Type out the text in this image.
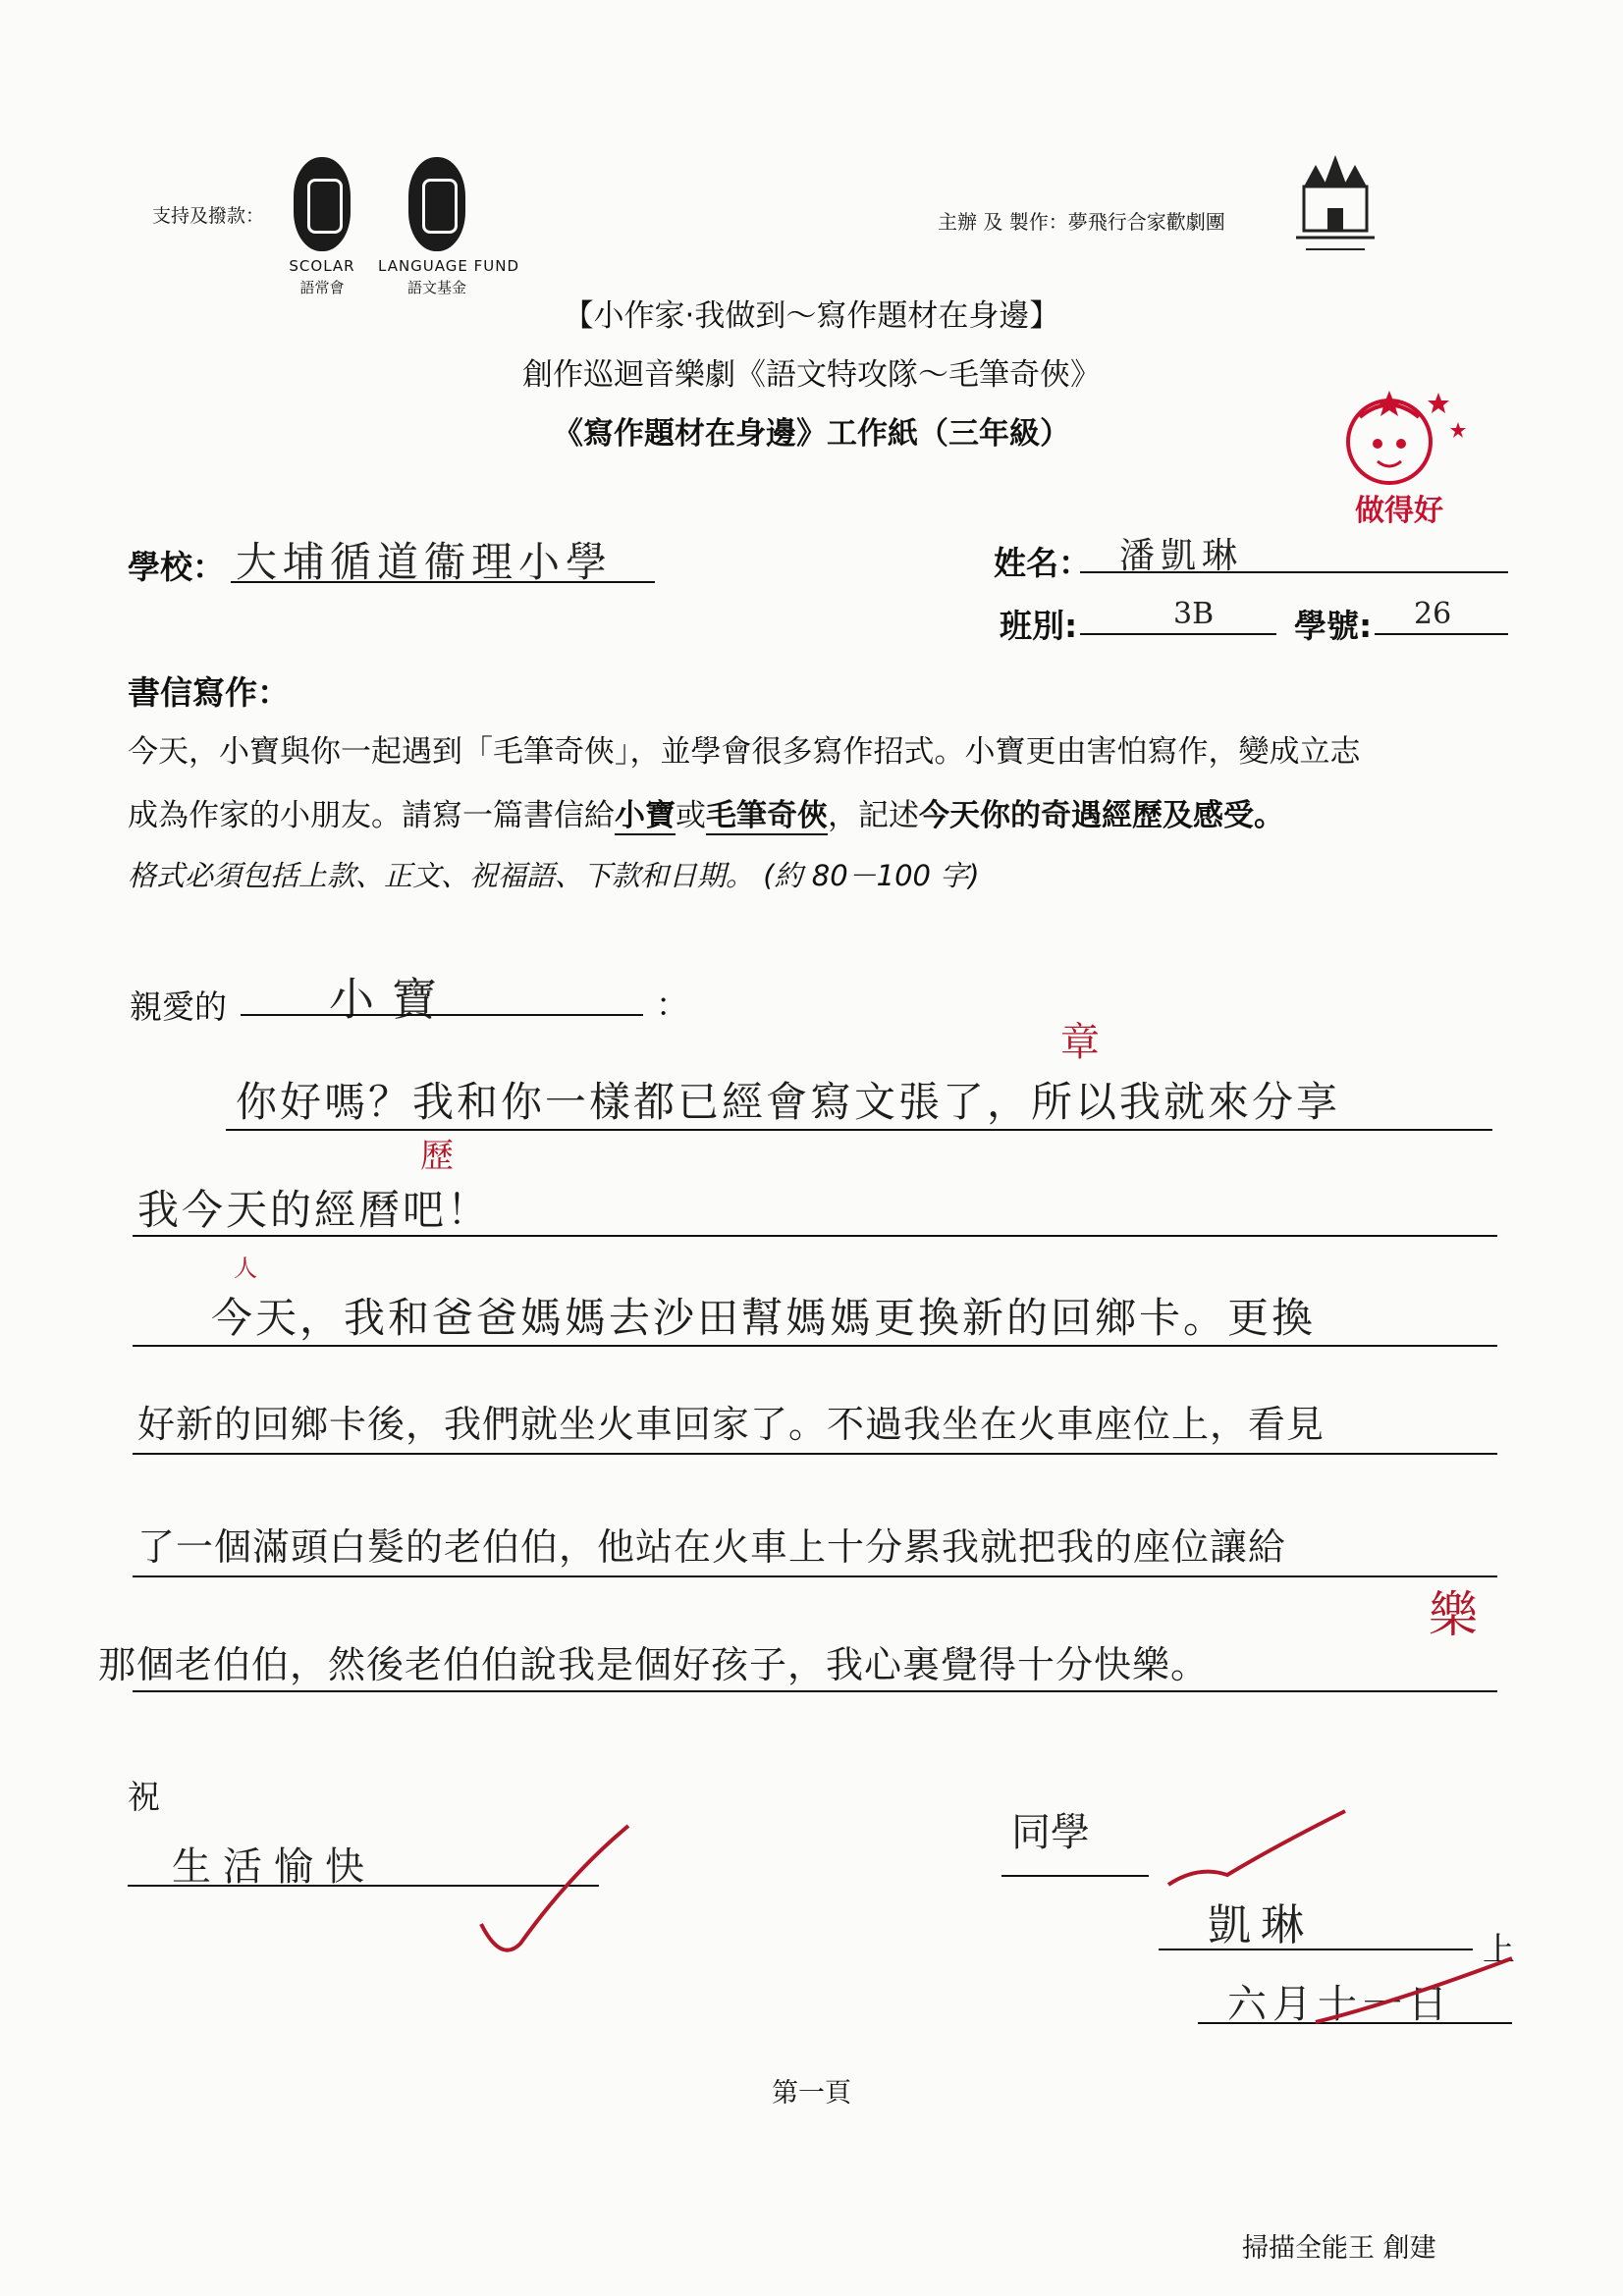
支持及撥款：
SCOLAR
語常會
LANGUAGE FUND
語文基金
主辦 及 製作：夢飛行合家歡劇團
【小作家‧我做到～寫作題材在身邊】
創作巡迴音樂劇《語文特攻隊～毛筆奇俠》
《寫作題材在身邊》工作紙（三年級）
做得好
學校： 大埔循道衞理小學	姓名： 潘凱琳
班別:	3B 學號: 26
書信寫作：
今天，小寶與你一起遇到「毛筆奇俠」，並學會很多寫作招式。小寶更由害怕寫作，變成立志
成為作家的小朋友。請寫一篇書信給小寶或毛筆奇俠，記述今天你的奇遇經歷及感受。
格式必須包括上款、正文、祝福語、下款和日期。 (約 80－100 字)
親愛的 小寶	：
你好嗎？我和你一樣都已經會寫文張了，所以我就來分享
我今天的經曆吧！
今天，我和爸爸媽媽去沙田幫媽媽更換新的回鄉卡。更換
好新的回鄉卡後，我們就坐火車回家了。不過我坐在火車座位上，看見
了一個滿頭白髮的老伯伯，他站在火車上十分累我就把我的座位讓給
那個老伯伯，然後老伯伯說我是個好孩子，我心裏覺得十分快樂。
章
歷
樂
人
祝
生活愉快
同學
凱琳	上
六月十一日
第一頁
掃描全能王 創建
